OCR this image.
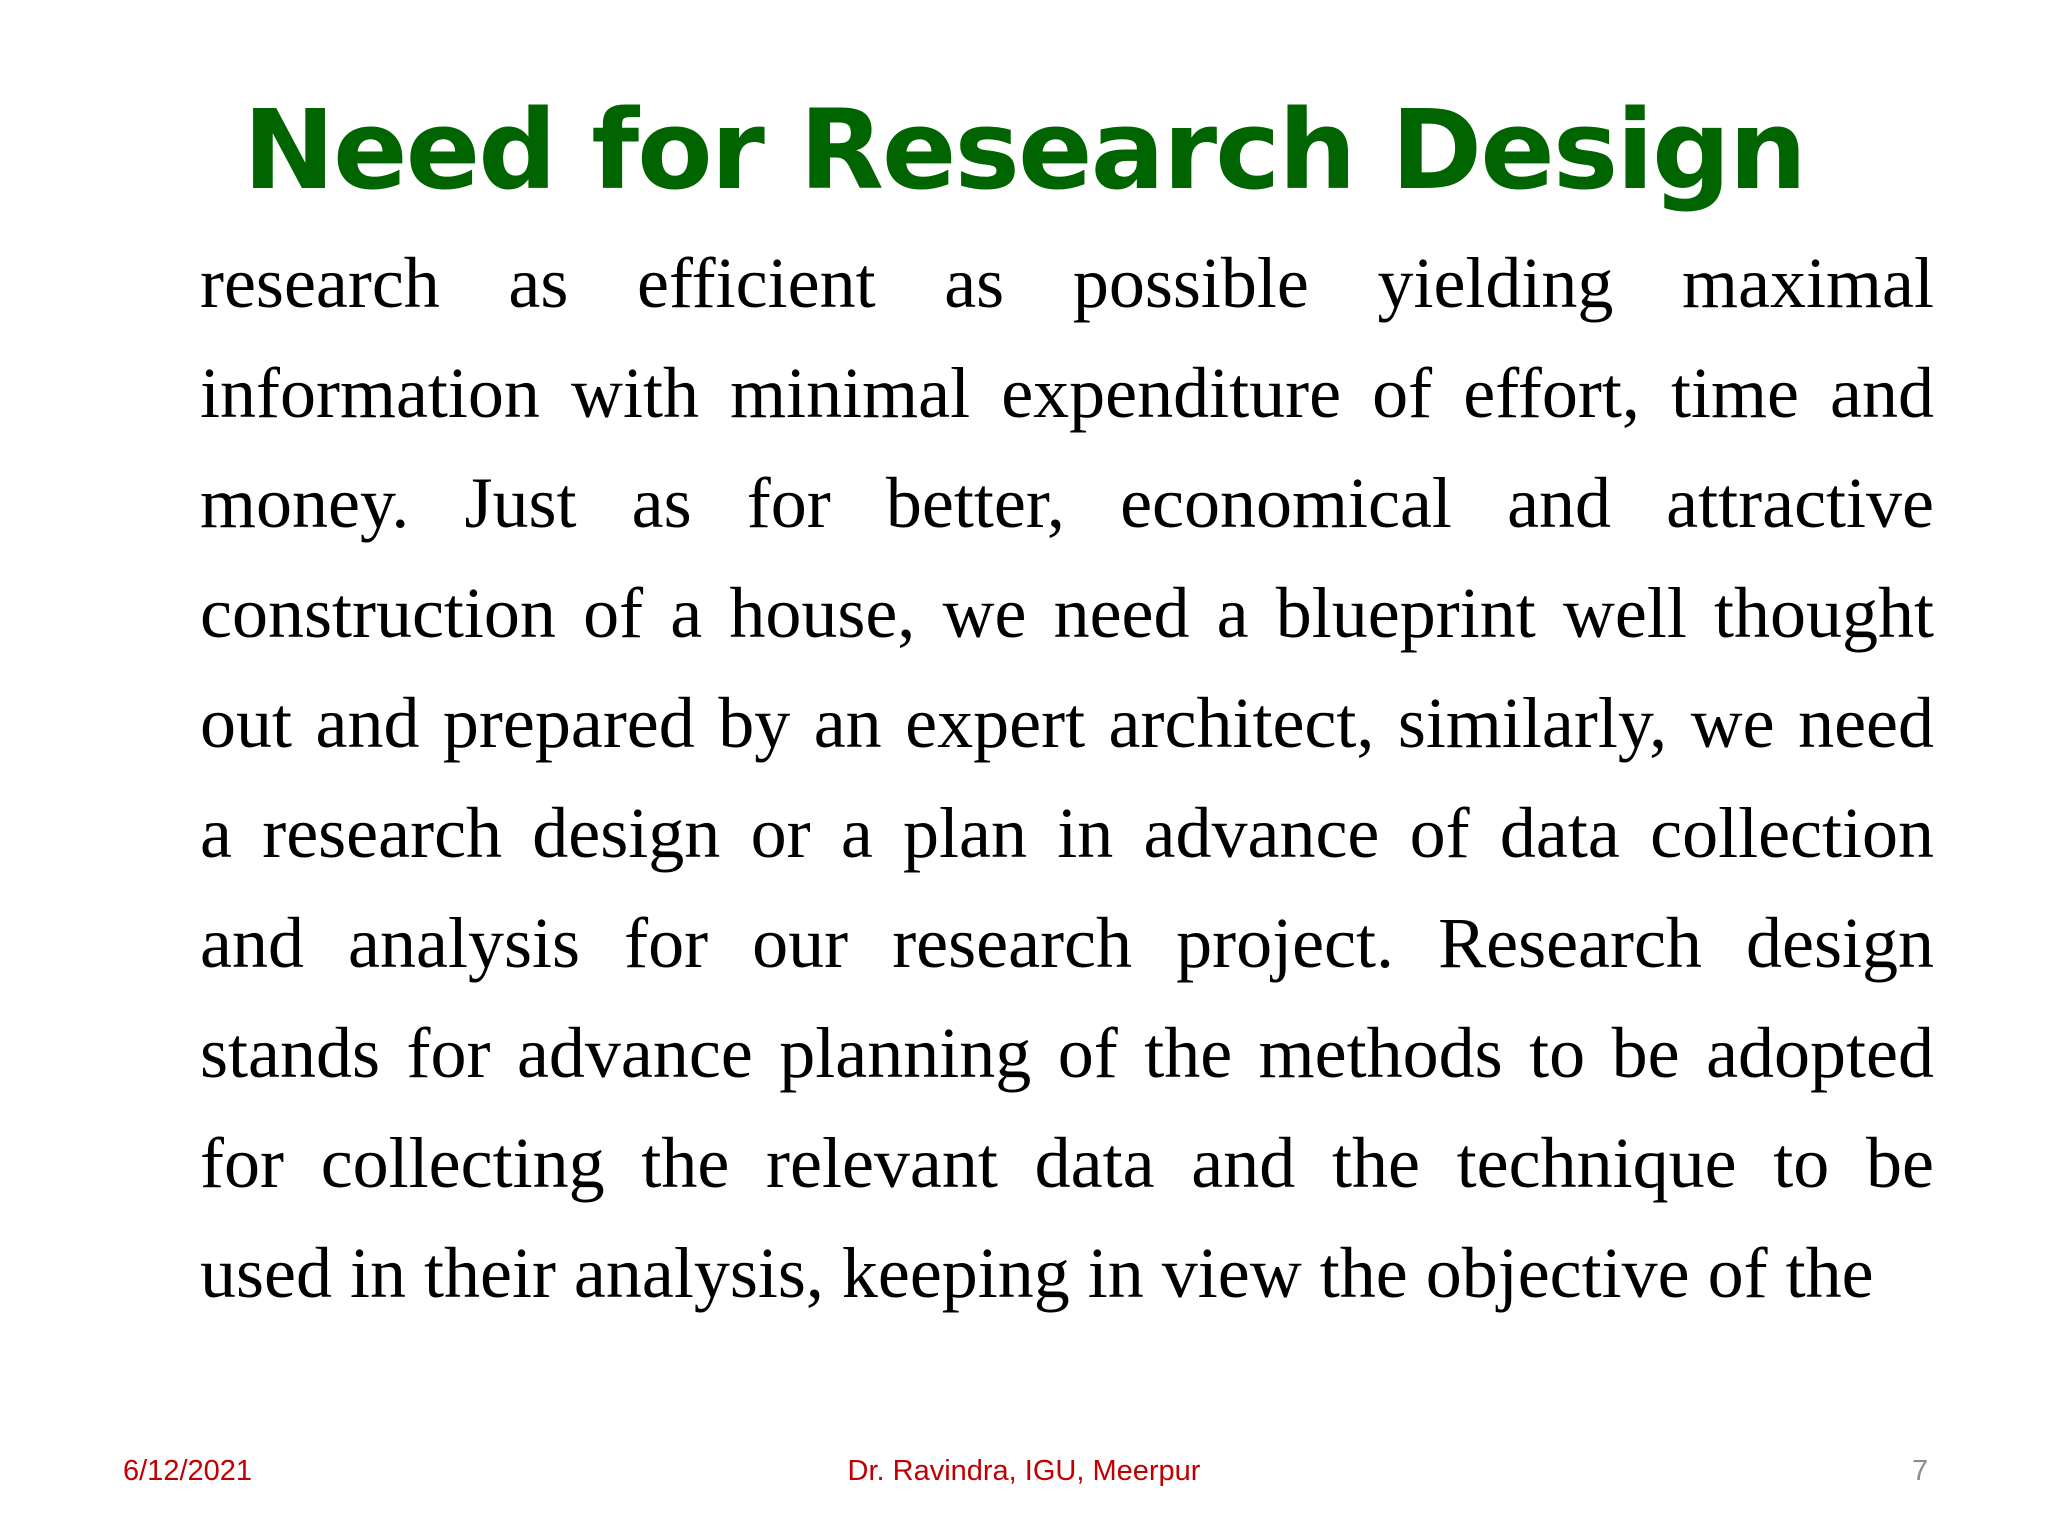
Need for Research Design
research as efficient as possible yielding maximal
information with minimal expenditure of effort, time and
money. Just as for better, economical and attractive
construction of a house, we need a blueprint well thought
out and prepared by an expert architect, similarly, we need
a research design or a plan in advance of data collection
and analysis for our research project. Research design
stands for advance planning of the methods to be adopted
for collecting the relevant data and the technique to be
used in their analysis, keeping in view the objective of the
6/12/2021	Dr. Ravindra, IGU, Meerpur	7
